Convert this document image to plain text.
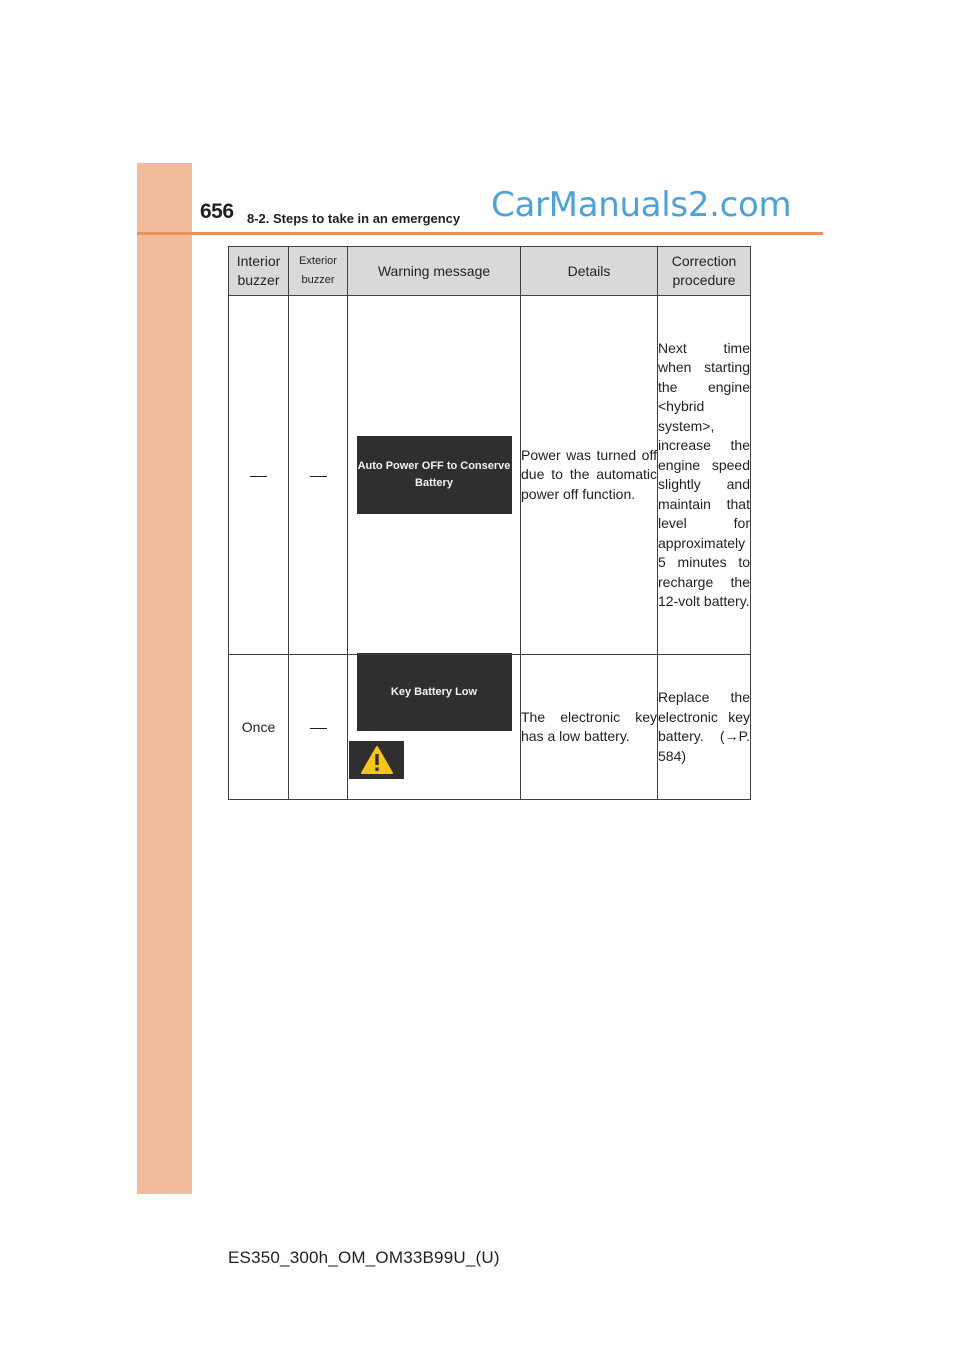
656 8-2. Steps to take in an emergency CarManuals2.com
Interior buzzer	Exterior buzzer	Warning message	Details	Correction procedure

		Auto Power OFF to Conserve Battery	Power was turned off due to the automatic power off function.	Next time when starting the engine <hybrid system>, increase the engine speed slightly and maintain that level for approximately 5 minutes to recharge the 12-volt battery.
Once		Key Battery Low	The electronic key has a low battery.	Replace the electronic key battery. (→P. 584)
ES350_300h_OM_OM33B99U_(U)
